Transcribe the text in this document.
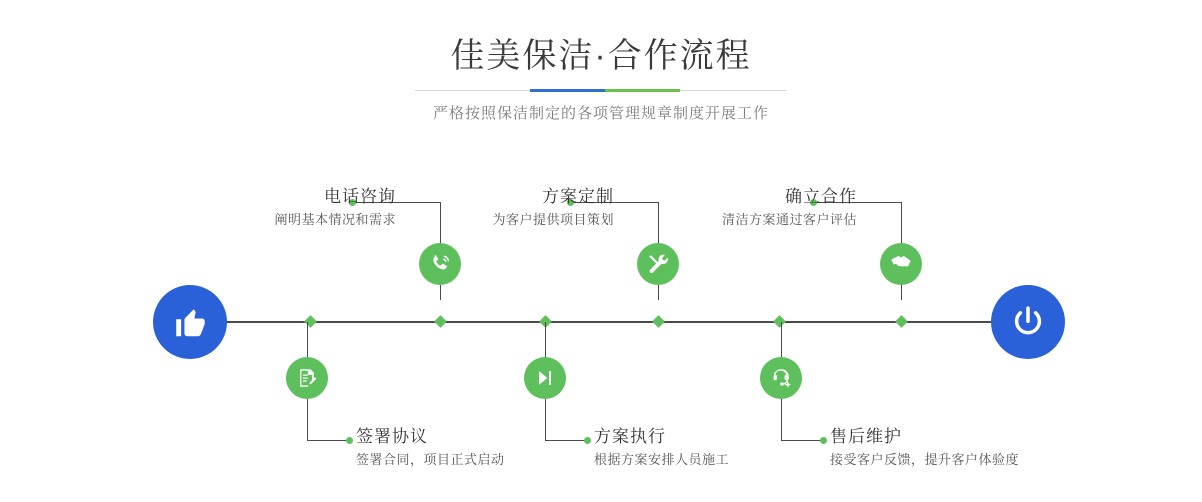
佳美保洁·合作流程

严格按照保洁制定的各项管理规章制度开展工作

电话咨询
阐明基本情况和需求
签署协议
签署合同，项目正式启动
方案定制
为客户提供项目策划
方案执行
根据方案安排人员施工
确立合作
清洁方案通过客户评估
售后维护
接受客户反馈，提升客户体验度
